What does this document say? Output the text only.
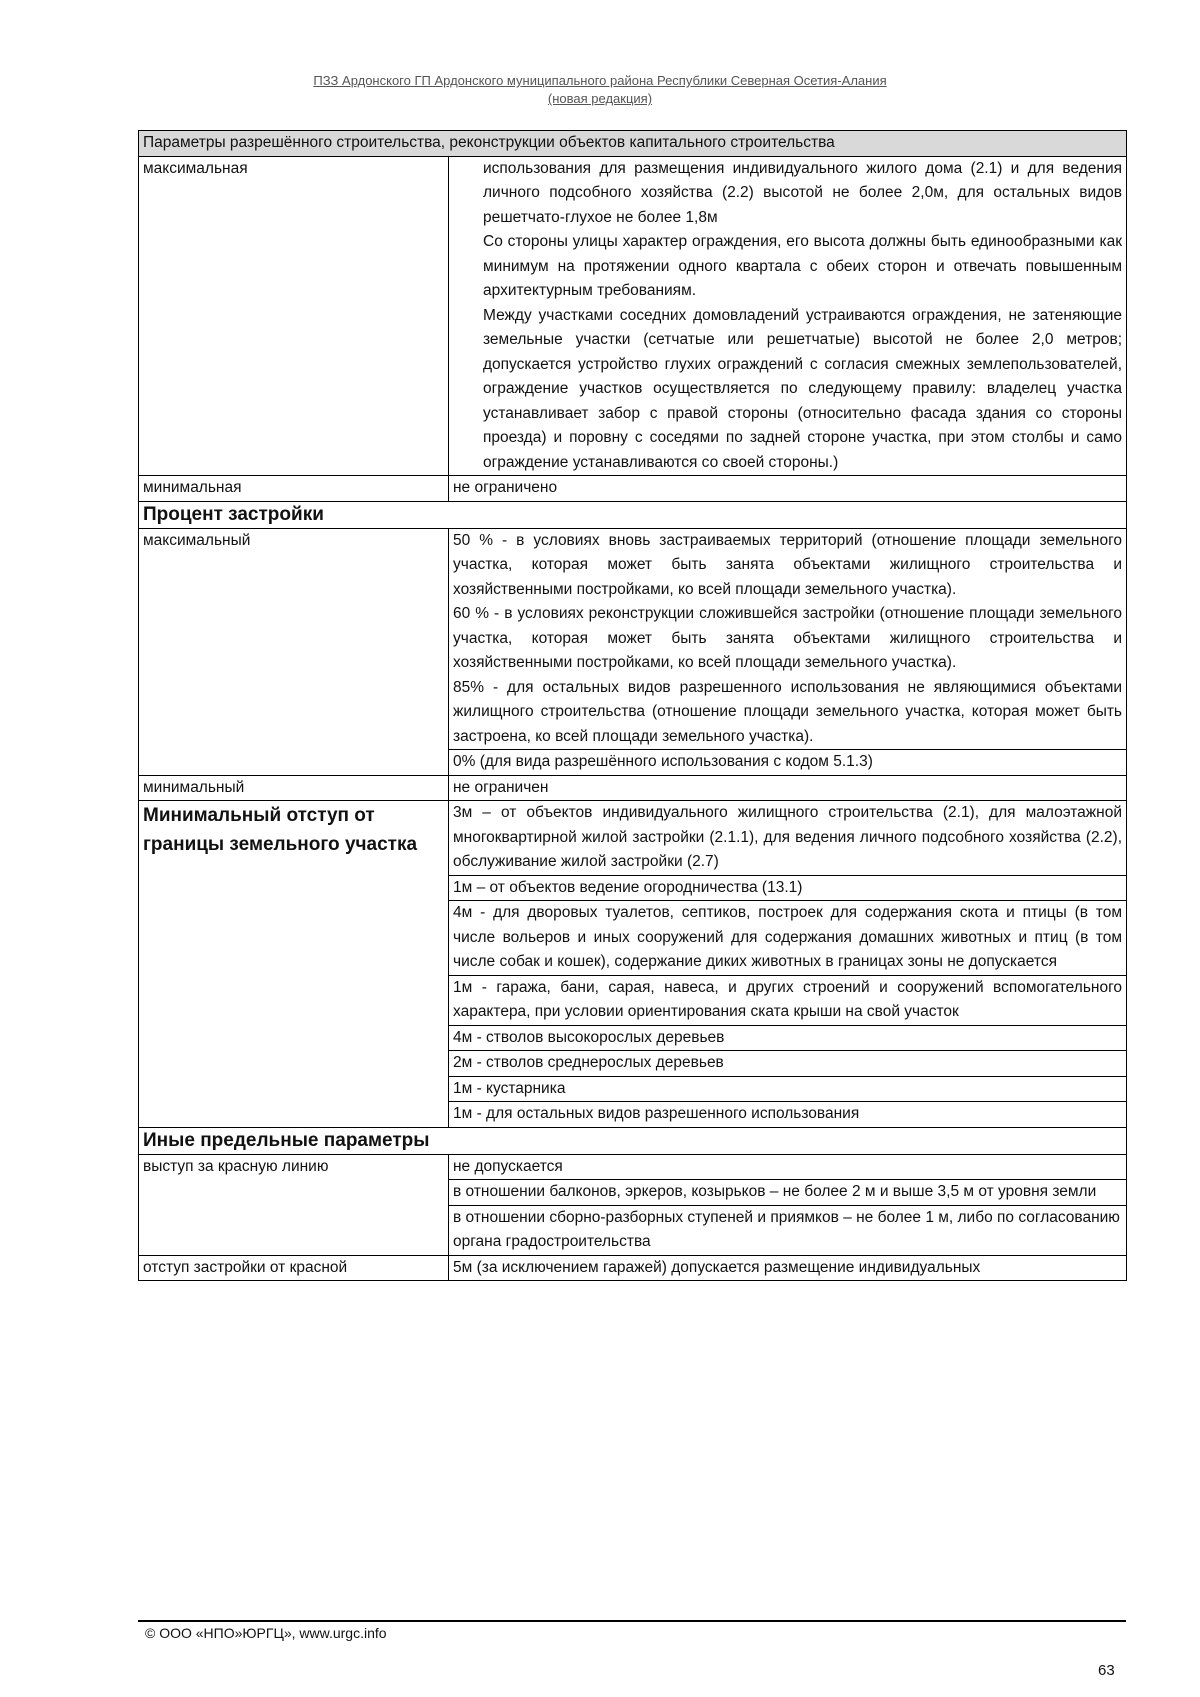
ПЗЗ Ардонского ГП Ардонского муниципального района Республики Северная Осетия-Алания
(новая редакция)
Параметры разрешённого строительства, реконструкции объектов капитального строительства	
максимальная	использования для размещения индивидуального жилого дома (2.1) и для ведения личного подсобного хозяйства (2.2) высотой не более 2,0м, для остальных видов решетчато-глухое не более 1,8м
Со стороны улицы характер ограждения, его высота должны быть единообразными как минимум на протяжении одного квартала с обеих сторон и отвечать повышенным архитектурным требованиям.
Между участками соседних домовладений устраиваются ограждения, не затеняющие земельные участки (сетчатые или решетчатые) высотой не более 2,0 метров; допускается устройство глухих ограждений с согласия смежных землепользователей, ограждение участков осуществляется по следующему правилу: владелец участка устанавливает забор с правой стороны (относительно фасада здания со стороны проезда) и поровну с соседями по задней стороне участка, при этом столбы и само ограждение устанавливаются со своей стороны.)

минимальная	не ограничено
Процент застройки	
максимальный	50 % - в условиях вновь застраиваемых территорий (отношение площади земельного участка, которая может быть занята объектами жилищного строительства и хозяйственными постройками, ко всей площади земельного участка).
60 % - в условиях реконструкции сложившейся застройки (отношение площади земельного участка, которая может быть занята объектами жилищного строительства и хозяйственными постройками, ко всей площади земельного участка).
85% - для остальных видов разрешенного использования не являющимися объектами жилищного строительства (отношение площади земельного участка, которая может быть застроена, ко всей площади земельного участка).

	0% (для вида разрешённого использования с кодом 5.1.3)
минимальный	не ограничен
Минимальный отступ от границы земельного участка	3м – от объектов индивидуального жилищного строительства (2.1), для малоэтажной многоквартирной жилой застройки (2.1.1), для ведения личного подсобного хозяйства (2.2), обслуживание жилой застройки (2.7)
	1м – от объектов ведение огородничества (13.1)
	4м - для дворовых туалетов, септиков, построек для содержания скота и птицы (в том числе вольеров и иных сооружений для содержания домашних животных и птиц (в том числе собак и кошек), содержание диких животных в границах зоны не допускается
	1м - гаража, бани, сарая, навеса, и других строений и сооружений вспомогательного характера, при условии ориентирования ската крыши на свой участок
	4м - стволов высокорослых деревьев
	2м - стволов среднерослых деревьев
	1м - кустарника
	1м - для остальных видов разрешенного использования
Иные предельные параметры	
выступ за красную линию	не допускается
	в отношении балконов, эркеров, козырьков – не более 2 м и выше 3,5 м от уровня земли
	в отношении сборно-разборных ступеней и приямков – не более 1 м, либо по согласованию органа градостроительства
отступ застройки от красной	5м (за исключением гаражей) допускается размещение индивидуальных
© ООО «НПО»ЮРГЦ», www.urgc.info
63
